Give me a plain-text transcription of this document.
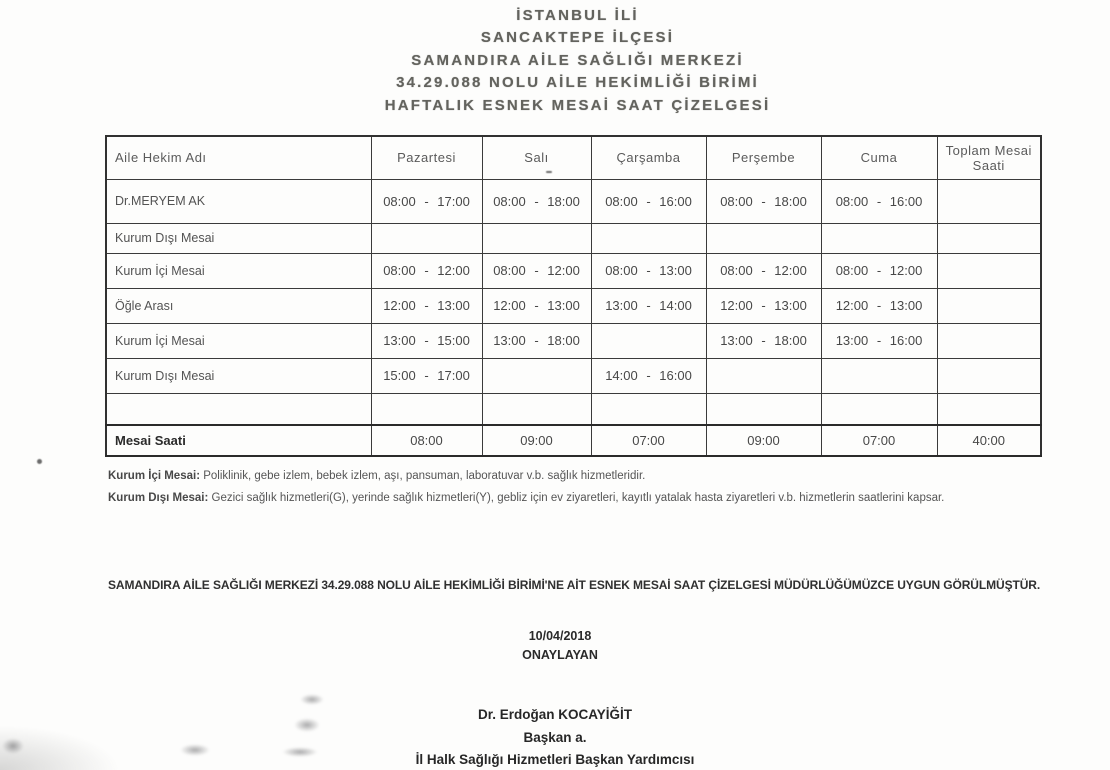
İSTANBUL İLİ
SANCAKTEPE İLÇESİ
SAMANDIRA AİLE SAĞLIĞI MERKEZİ
34.29.088 NOLU AİLE HEKİMLİĞİ BİRİMİ
HAFTALIK ESNEK MESAİ SAAT ÇİZELGESİ
Aile Hekim Adı	Pazartesi	Salı	Çarşamba	Perşembe	Cuma	Toplam Mesai Saati
Dr.MERYEM AK	08:00 - 17:00	08:00 - 18:00	08:00 - 16:00	08:00 - 18:00	08:00 - 16:00	
Kurum Dışı Mesai						
Kurum İçi Mesai	08:00 - 12:00	08:00 - 12:00	08:00 - 13:00	08:00 - 12:00	08:00 - 12:00	
Öğle Arası	12:00 - 13:00	12:00 - 13:00	13:00 - 14:00	12:00 - 13:00	12:00 - 13:00	
Kurum İçi Mesai	13:00 - 15:00	13:00 - 18:00		13:00 - 18:00	13:00 - 16:00	
Kurum Dışı Mesai	15:00 - 17:00		14:00 - 16:00			

Mesai Saati	08:00	09:00	07:00	09:00	07:00	40:00
Kurum İçi Mesai: Poliklinik, gebe izlem, bebek izlem, aşı, pansuman, laboratuvar v.b. sağlık hizmetleridir.
Kurum Dışı Mesai: Gezici sağlık hizmetleri(G), yerinde sağlık hizmetleri(Y), gebliz için ev ziyaretleri, kayıtlı yatalak hasta ziyaretleri v.b. hizmetlerin saatlerini kapsar.
SAMANDIRA AİLE SAĞLIĞI MERKEZİ 34.29.088 NOLU AİLE HEKİMLİĞİ BİRİMİ'NE AİT ESNEK MESAİ SAAT ÇİZELGESİ MÜDÜRLÜĞÜMÜZCE UYGUN GÖRÜLMÜŞTÜR.
10/04/2018
ONAYLAYAN
Dr. Erdoğan KOCAYİĞİT
Başkan a.
İl Halk Sağlığı Hizmetleri Başkan Yardımcısı
